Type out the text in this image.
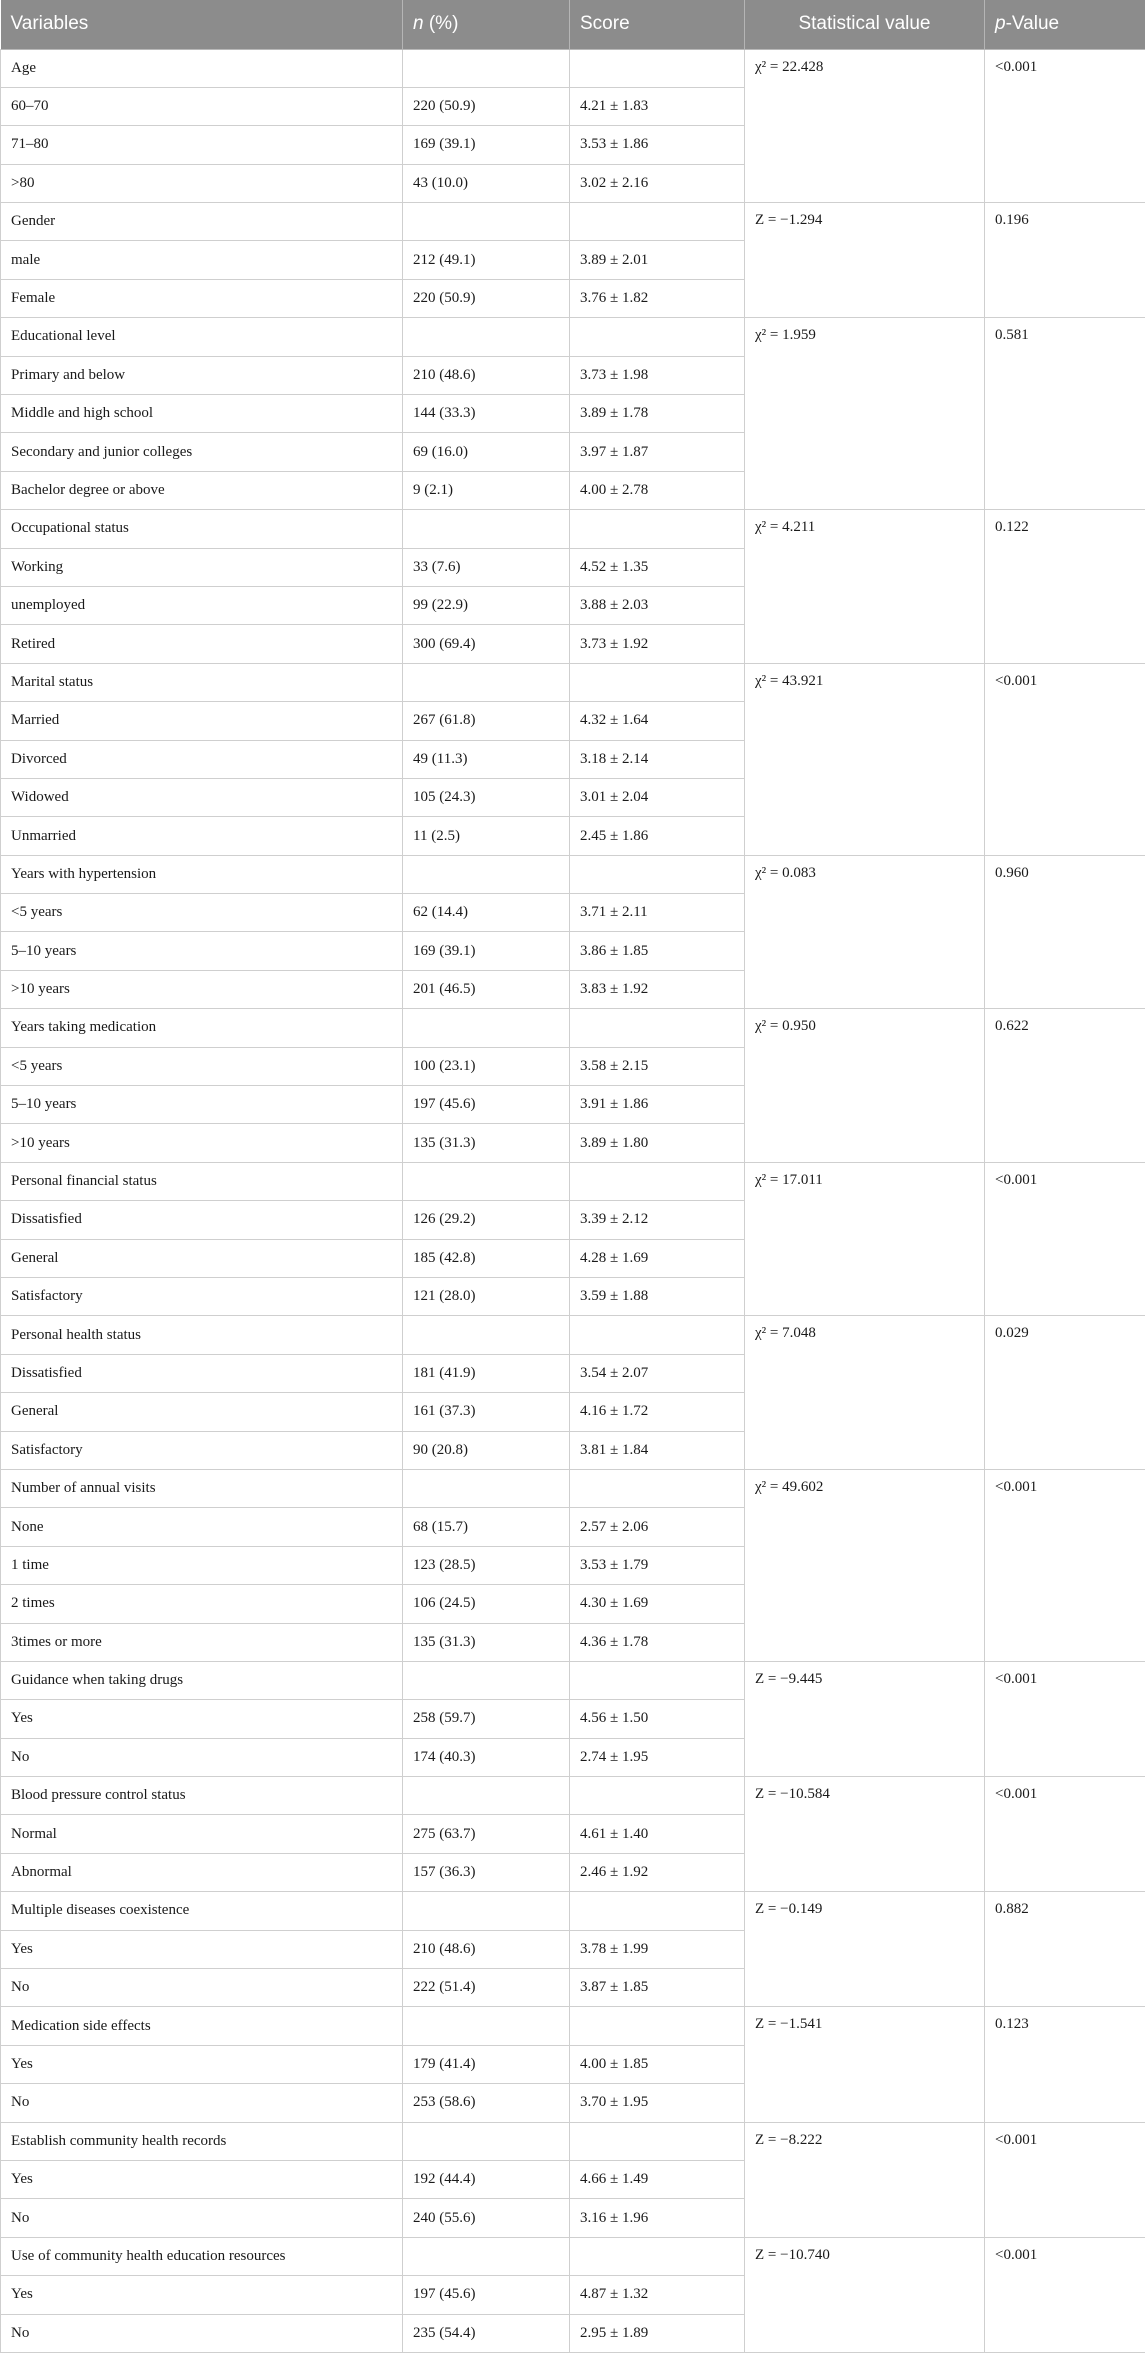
Variables	n (%)	Score	Statistical value	p-Value
Age			χ² = 22.428	<0.001
60–70	220 (50.9)	4.21 ± 1.83		
71–80	169 (39.1)	3.53 ± 1.86		
>80	43 (10.0)	3.02 ± 2.16		
Gender			Z = −1.294	0.196
male	212 (49.1)	3.89 ± 2.01		
Female	220 (50.9)	3.76 ± 1.82		
Educational level			χ² = 1.959	0.581
Primary and below	210 (48.6)	3.73 ± 1.98		
Middle and high school	144 (33.3)	3.89 ± 1.78		
Secondary and junior colleges	69 (16.0)	3.97 ± 1.87		
Bachelor degree or above	9 (2.1)	4.00 ± 2.78		
Occupational status			χ² = 4.211	0.122
Working	33 (7.6)	4.52 ± 1.35		
unemployed	99 (22.9)	3.88 ± 2.03		
Retired	300 (69.4)	3.73 ± 1.92		
Marital status			χ² = 43.921	<0.001
Married	267 (61.8)	4.32 ± 1.64		
Divorced	49 (11.3)	3.18 ± 2.14		
Widowed	105 (24.3)	3.01 ± 2.04		
Unmarried	11 (2.5)	2.45 ± 1.86		
Years with hypertension			χ² = 0.083	0.960
<5 years	62 (14.4)	3.71 ± 2.11		
5–10 years	169 (39.1)	3.86 ± 1.85		
>10 years	201 (46.5)	3.83 ± 1.92		
Years taking medication			χ² = 0.950	0.622
<5 years	100 (23.1)	3.58 ± 2.15		
5–10 years	197 (45.6)	3.91 ± 1.86		
>10 years	135 (31.3)	3.89 ± 1.80		
Personal financial status			χ² = 17.011	<0.001
Dissatisfied	126 (29.2)	3.39 ± 2.12		
General	185 (42.8)	4.28 ± 1.69		
Satisfactory	121 (28.0)	3.59 ± 1.88		
Personal health status			χ² = 7.048	0.029
Dissatisfied	181 (41.9)	3.54 ± 2.07		
General	161 (37.3)	4.16 ± 1.72		
Satisfactory	90 (20.8)	3.81 ± 1.84		
Number of annual visits			χ² = 49.602	<0.001
None	68 (15.7)	2.57 ± 2.06		
1 time	123 (28.5)	3.53 ± 1.79		
2 times	106 (24.5)	4.30 ± 1.69		
3times or more	135 (31.3)	4.36 ± 1.78		
Guidance when taking drugs			Z = −9.445	<0.001
Yes	258 (59.7)	4.56 ± 1.50		
No	174 (40.3)	2.74 ± 1.95		
Blood pressure control status			Z = −10.584	<0.001
Normal	275 (63.7)	4.61 ± 1.40		
Abnormal	157 (36.3)	2.46 ± 1.92		
Multiple diseases coexistence			Z = −0.149	0.882
Yes	210 (48.6)	3.78 ± 1.99		
No	222 (51.4)	3.87 ± 1.85		
Medication side effects			Z = −1.541	0.123
Yes	179 (41.4)	4.00 ± 1.85		
No	253 (58.6)	3.70 ± 1.95		
Establish community health records			Z = −8.222	<0.001
Yes	192 (44.4)	4.66 ± 1.49		
No	240 (55.6)	3.16 ± 1.96		
Use of community health education resources			Z = −10.740	<0.001
Yes	197 (45.6)	4.87 ± 1.32		
No	235 (54.4)	2.95 ± 1.89		
